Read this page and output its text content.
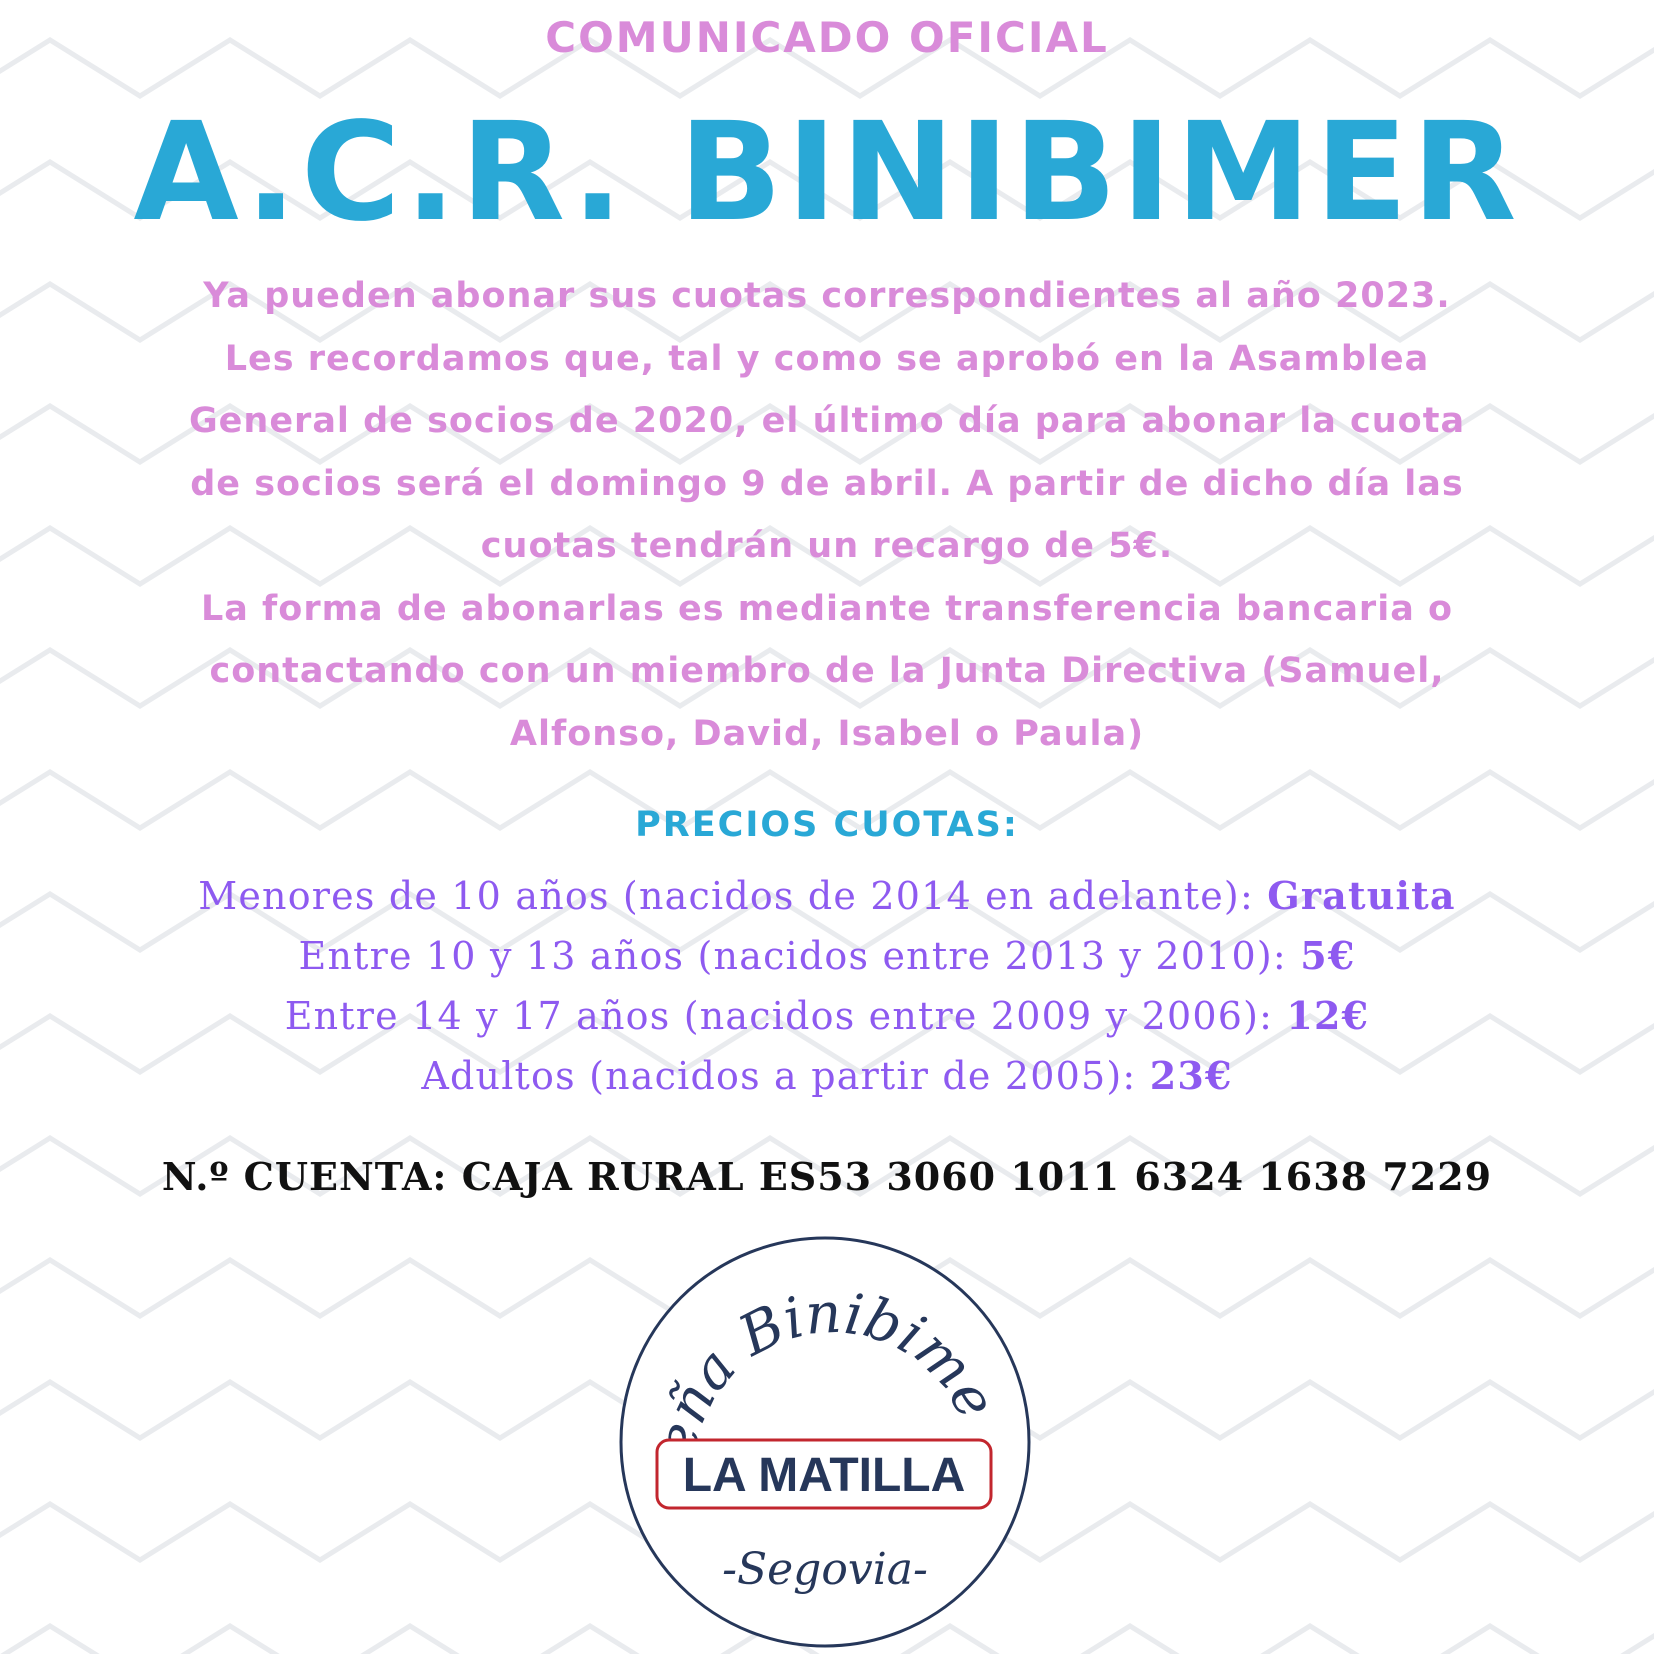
COMUNICADO OFICIAL
A.C.R. BINIBIMER

Ya pueden abonar sus cuotas correspondientes al año 2023.

Les recordamos que, tal y como se aprobó en la Asamblea

General de socios de 2020, el último día para abonar la cuota

de socios será el domingo 9 de abril. A partir de dicho día las

cuotas tendrán un recargo de 5€.

La forma de abonarlas es mediante transferencia bancaria o

contactando con un miembro de la Junta Directiva (Samuel,

Alfonso, David, Isabel o Paula)

PRECIOS CUOTAS:
Menores de 10 años (nacidos de 2014 en adelante): Gratuita
Entre 10 y 13 años (nacidos entre 2013 y 2010): 5€
Entre 14 y 17 años (nacidos entre 2009 y 2006): 12€
Adultos (nacidos a partir de 2005): 23€
N.º CUENTA: CAJA RURAL ES53 3060 1011 6324 1638 7229
ña Binibime
LA MATILLA
-Segovia-
